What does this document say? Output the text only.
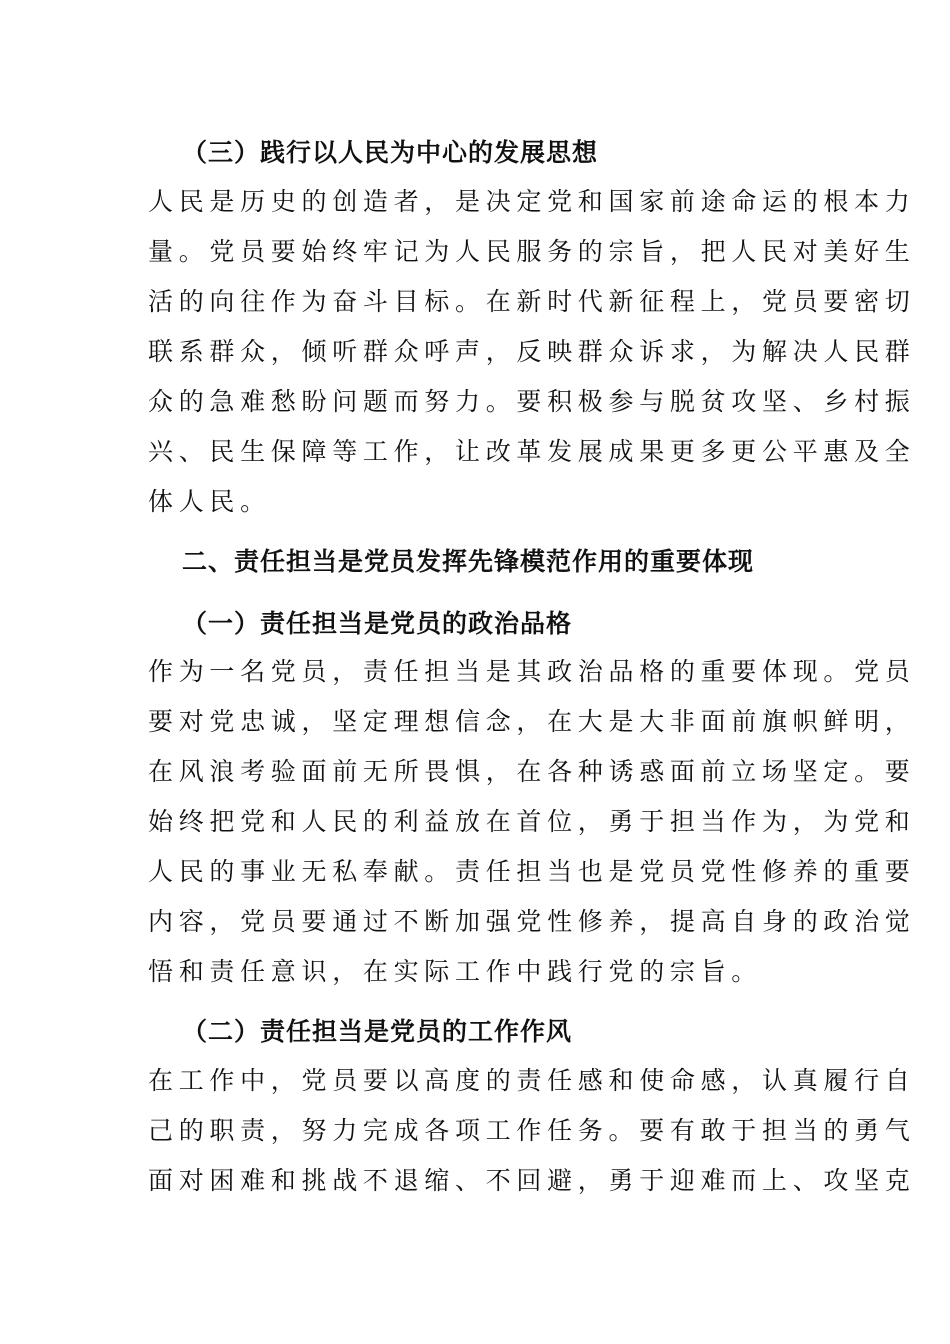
（三）践行以人民为中心的发展思想
人民是历史的创造者，是决定党和国家前途命运的根本力
量。党员要始终牢记为人民服务的宗旨，把人民对美好生
活的向往作为奋斗目标。在新时代新征程上，党员要密切
联系群众，倾听群众呼声，反映群众诉求，为解决人民群
众的急难愁盼问题而努力。要积极参与脱贫攻坚、乡村振
兴、民生保障等工作，让改革发展成果更多更公平惠及全
体人民。
二、责任担当是党员发挥先锋模范作用的重要体现
（一）责任担当是党员的政治品格
作为一名党员，责任担当是其政治品格的重要体现。党员
要对党忠诚，坚定理想信念，在大是大非面前旗帜鲜明，
在风浪考验面前无所畏惧，在各种诱惑面前立场坚定。要
始终把党和人民的利益放在首位，勇于担当作为，为党和
人民的事业无私奉献。责任担当也是党员党性修养的重要
内容，党员要通过不断加强党性修养，提高自身的政治觉
悟和责任意识，在实际工作中践行党的宗旨。
（二）责任担当是党员的工作作风
在工作中，党员要以高度的责任感和使命感，认真履行自
己的职责，努力完成各项工作任务。要有敢于担当的勇气
面对困难和挑战不退缩、不回避，勇于迎难而上、攻坚克
